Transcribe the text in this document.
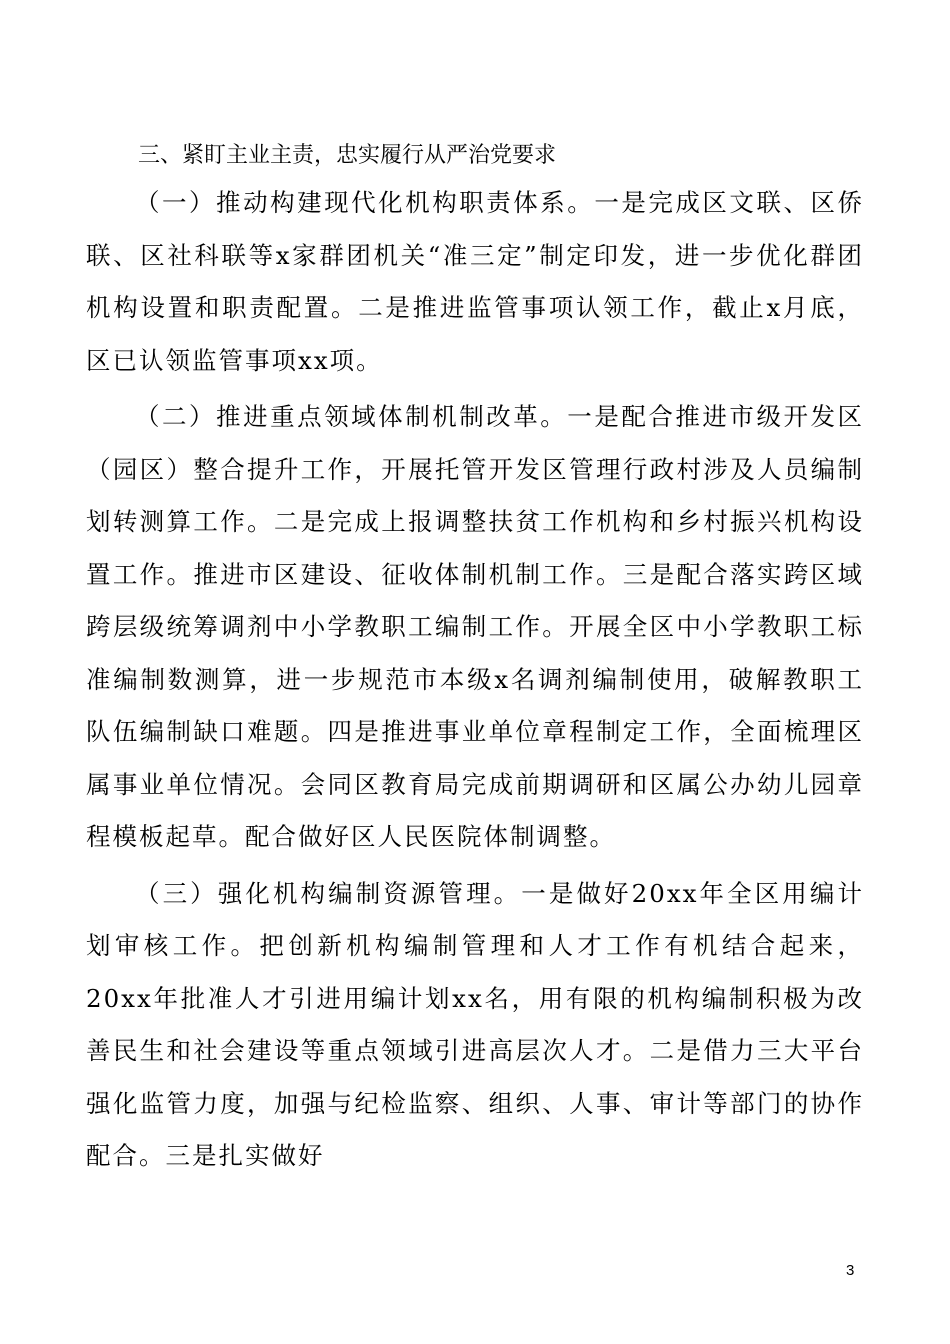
三、紧盯主业主责，忠实履行从严治党要求

（一）推动构建现代化机构职责体系。一是完成区文联、区侨联、区社科联等x家群团机关“准三定”制定印发，进一步优化群团机构设置和职责配置。二是推进监管事项认领工作，截止x月底，区已认领监管事项xx项。

（二）推进重点领域体制机制改革。一是配合推进市级开发区（园区）整合提升工作，开展托管开发区管理行政村涉及人员编制划转测算工作。二是完成上报调整扶贫工作机构和乡村振兴机构设置工作。推进市区建设、征收体制机制工作。三是配合落实跨区域跨层级统筹调剂中小学教职工编制工作。开展全区中小学教职工标准编制数测算，进一步规范市本级x名调剂编制使用，破解教职工队伍编制缺口难题。四是推进事业单位章程制定工作，全面梳理区属事业单位情况。会同区教育局完成前期调研和区属公办幼儿园章程模板起草。配合做好区人民医院体制调整。

（三）强化机构编制资源管理。一是做好20xx年全区用编计划审核工作。把创新机构编制管理和人才工作有机结合起来，20xx年批准人才引进用编计划xx名，用有限的机构编制积极为改善民生和社会建设等重点领域引进高层次人才。二是借力三大平台强化监管力度，加强与纪检监察、组织、人事、审计等部门的协作配合。三是扎实做好

3
